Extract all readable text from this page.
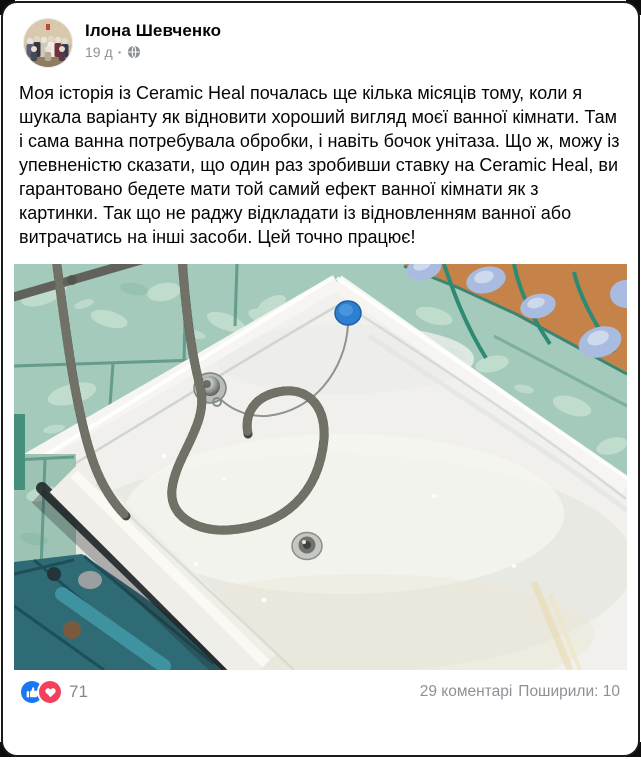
Ілона Шевченко
19 д ·

Моя історія із Ceramic Heal почалась ще кілька місяців тому, коли я шукала варіанту як відновити хороший вигляд моєї ванної кімнати. Там і сама ванна потребувала обробки, і навіть бочок унітаза. Що ж, можу із упевненістю сказати, що один раз зробивши ставку на Ceramic Heal, ви гарантовано бедете мати той самий ефект ванної кімнати як з картинки. Так що не раджу відкладати із відновленням ванної або витрачатись на інші засоби. Цей точно працює!

71	29 коментарі Поширили: 10
